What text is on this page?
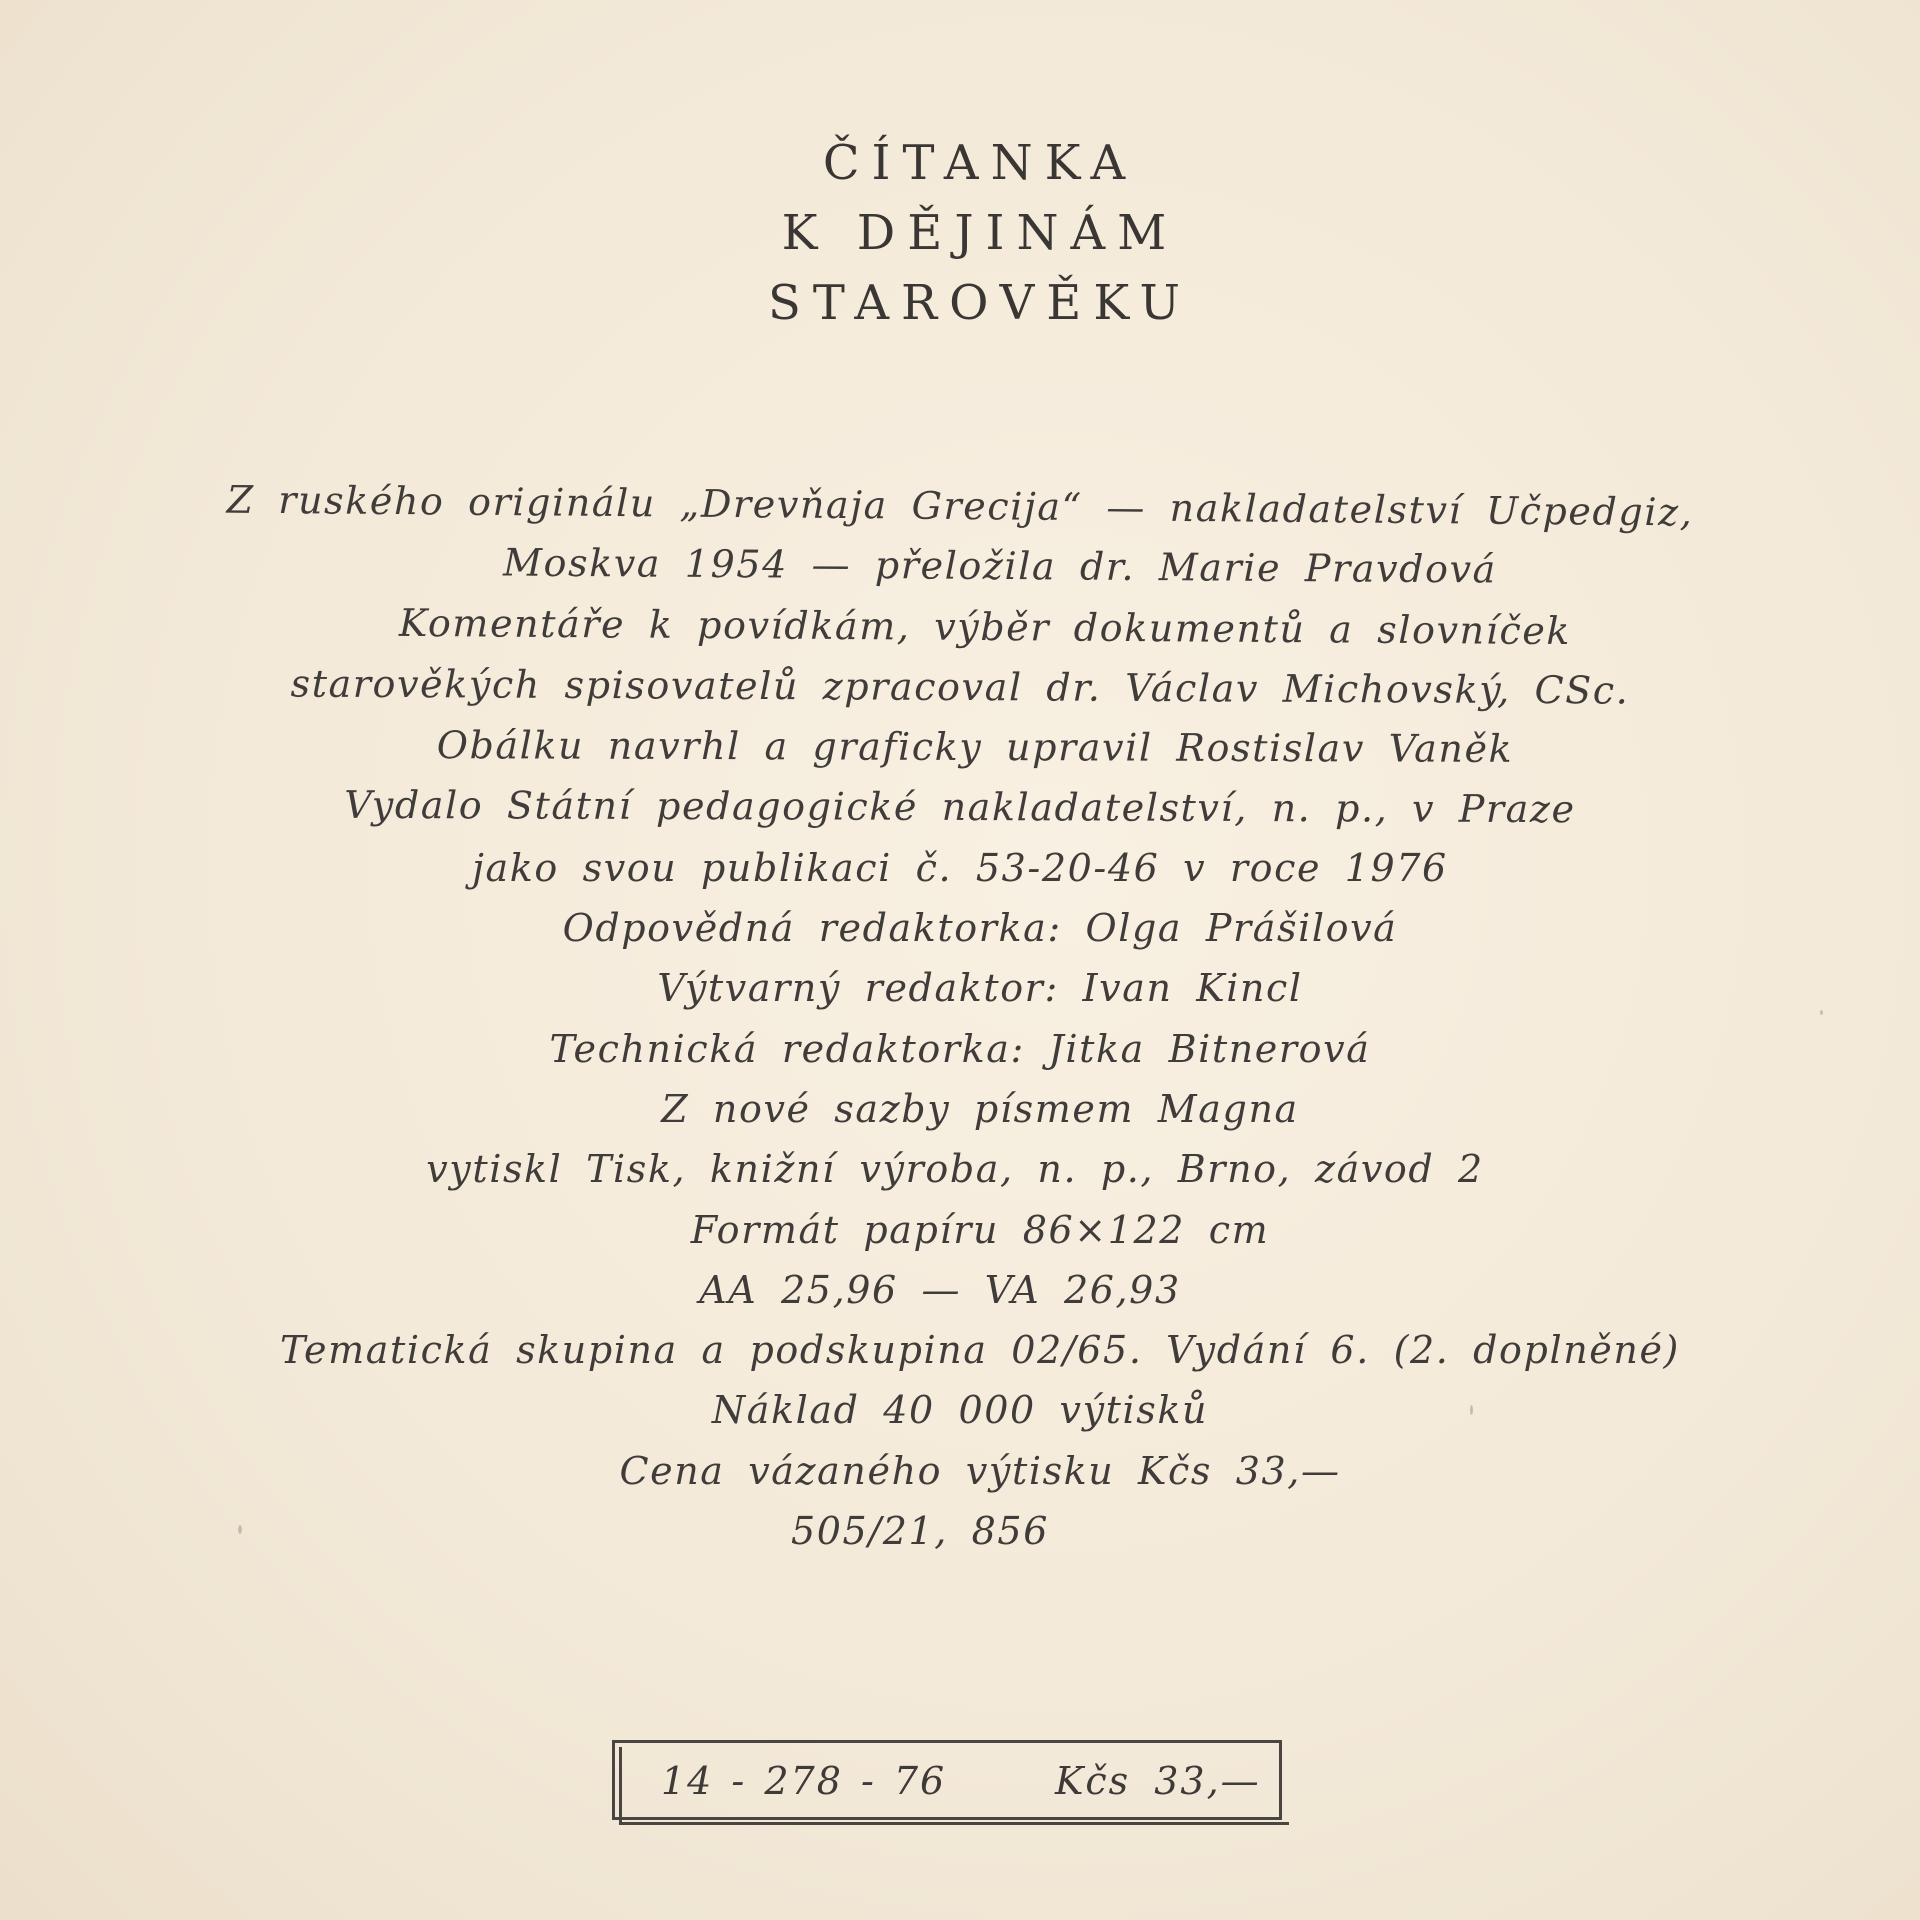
ČÍTANKA
K DĚJINÁM
STAROVĚKU
Z ruského originálu „Drevňaja Grecija“ — nakladatelství Učpedgiz,
Moskva 1954 — přeložila dr. Marie Pravdová
Komentáře k povídkám, výběr dokumentů a slovníček
starověkých spisovatelů zpracoval dr. Václav Michovský, CSc.
Obálku navrhl a graficky upravil Rostislav Vaněk
Vydalo Státní pedagogické nakladatelství, n. p., v Praze
jako svou publikaci č. 53-20-46 v roce 1976
Odpovědná redaktorka: Olga Prášilová
Výtvarný redaktor: Ivan Kincl
Technická redaktorka: Jitka Bitnerová
Z nové sazby písmem Magna
vytiskl Tisk, knižní výroba, n. p., Brno, závod 2
Formát papíru 86×122 cm
AA 25,96 — VA 26,93
Tematická skupina a podskupina 02/65. Vydání 6. (2. doplněné)
Náklad 40 000 výtisků
Cena vázaného výtisku Kčs 33,—
505/21, 856
14 - 278 - 76	Kčs 33,—
